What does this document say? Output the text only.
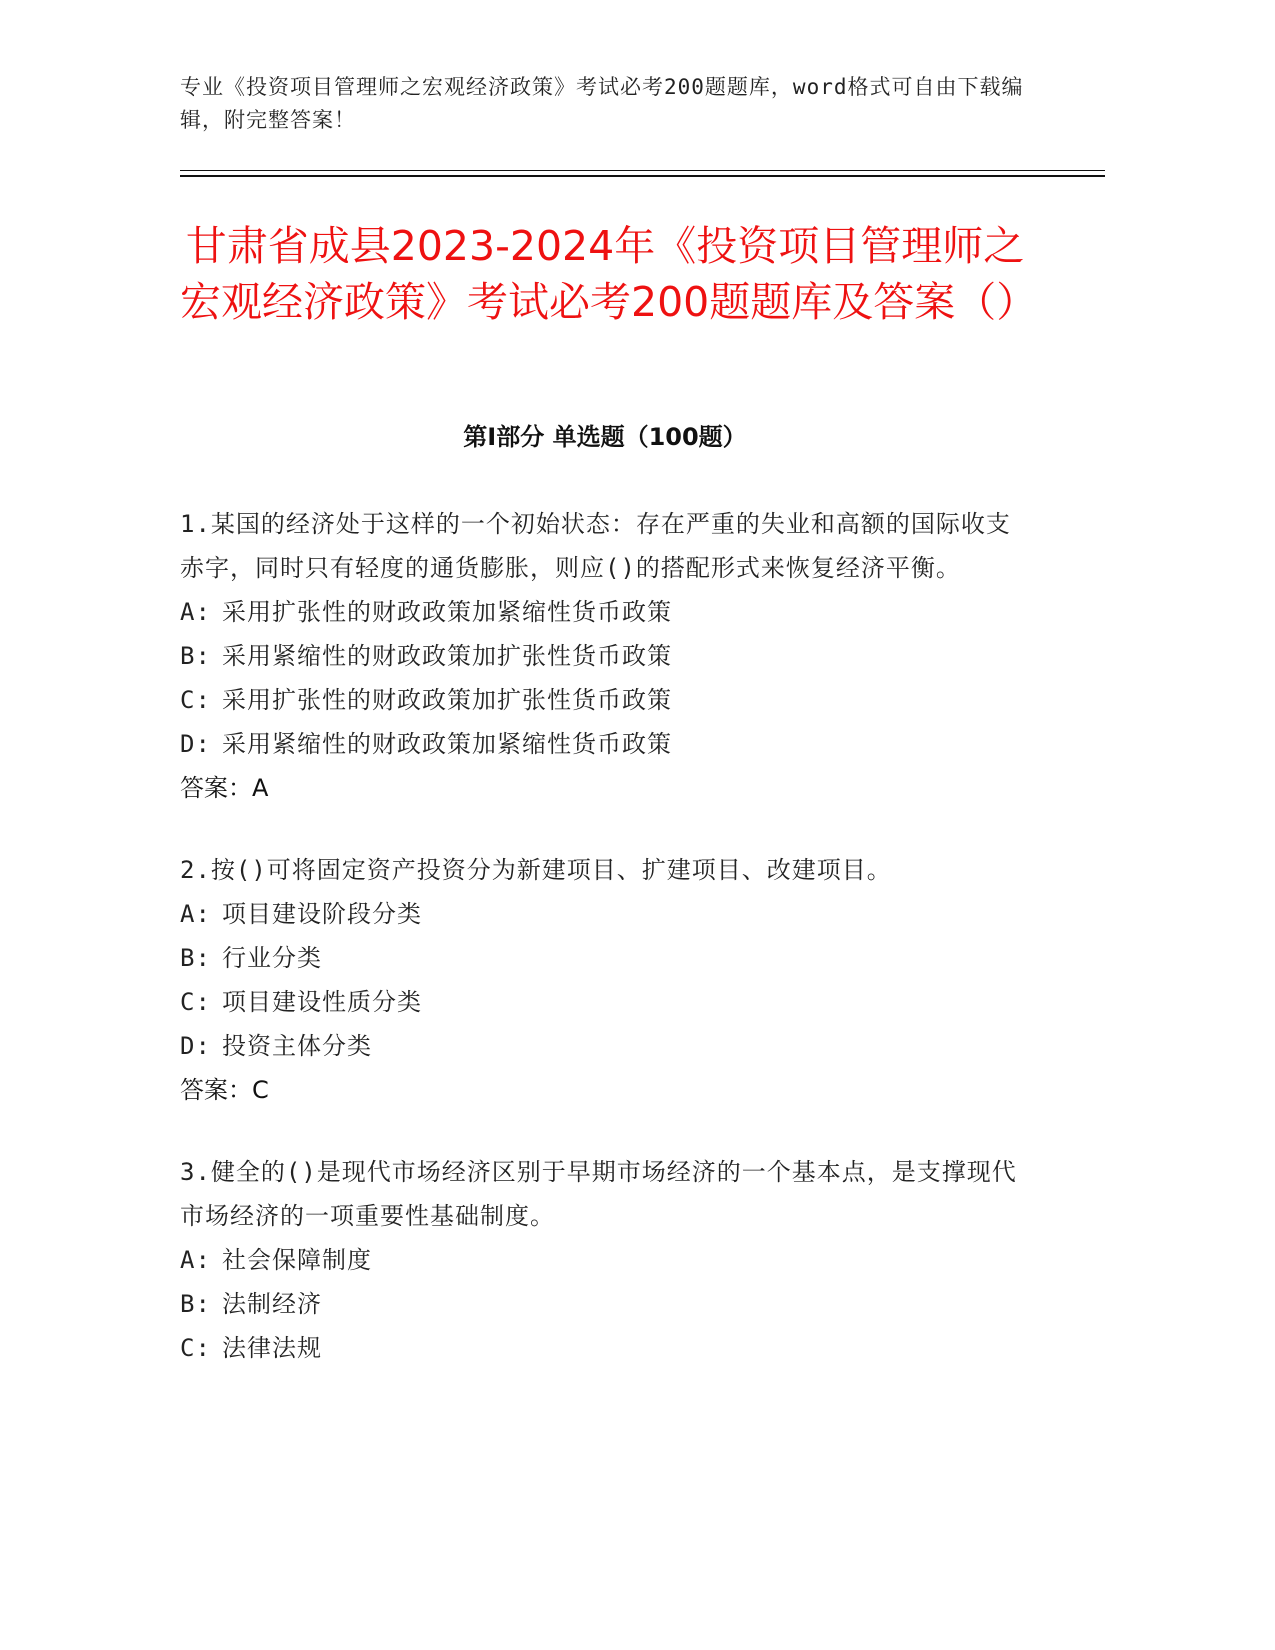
专业《投资项目管理师之宏观经济政策》考试必考200题题库，word格式可自由下载编辑，附完整答案！
甘肃省成县2023-2024年《投资项目管理师之宏观经济政策》考试必考200题题库及答案（）
第I部分 单选题（100题）
1.某国的经济处于这样的一个初始状态：存在严重的失业和高额的国际收支赤字，同时只有轻度的通货膨胀，则应()的搭配形式来恢复经济平衡。
A: 采用扩张性的财政政策加紧缩性货币政策
B: 采用紧缩性的财政政策加扩张性货币政策
C: 采用扩张性的财政政策加扩张性货币政策
D: 采用紧缩性的财政政策加紧缩性货币政策
答案：A
2.按()可将固定资产投资分为新建项目、扩建项目、改建项目。
A: 项目建设阶段分类
B: 行业分类
C: 项目建设性质分类
D: 投资主体分类
答案：C
3.健全的()是现代市场经济区别于早期市场经济的一个基本点，是支撑现代市场经济的一项重要性基础制度。
A: 社会保障制度
B: 法制经济
C: 法律法规
